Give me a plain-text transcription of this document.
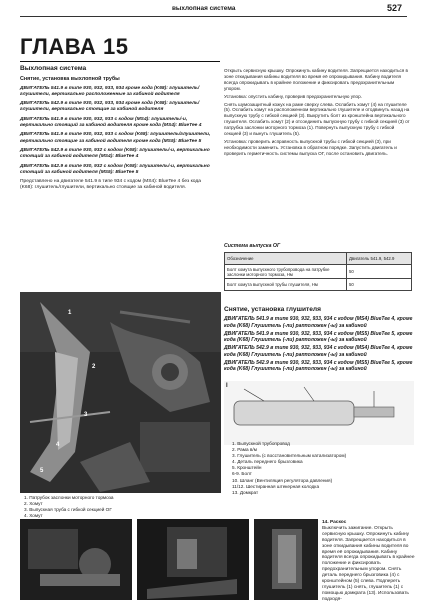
выхлопная система	527
ГЛАВА 15
Выхлопная система
Снятие, установка выхлопной трубы
ДВИГАТЕЛЬ 541.9 в типе 930, 932, 933, 934 кроме кода (K68): глушитель/глушители, вертикально расположенные за кабиной водителя
ДВИГАТЕЛЬ 542.9 в типе 930, 932, 933, 934 кроме кода (K68): глушитель/глушители, вертикально стоящие за кабиной водителя
ДВИГАТЕЛЬ 541.9 в типе 930, 932, 933 с кодом (MS4): глушитель/-и, вертикально стоящий за кабиной водителя кроме кода (MS4): BlueTee 4
ДВИГАТЕЛЬ 541.9 в типе 930, 932, 933 с кодом (K68): глушитель/глушители, вертикально стоящие за кабиной водителя кроме кода (MS5): BlueTee 5
ДВИГАТЕЛЬ 542.9 в типе 930, 932 с кодом (K68): глушитель/-и, вертикально стоящий за кабиной водителя (MS4): BlueTee 4
ДВИГАТЕЛЬ 542.9 в типе 930, 932 с кодом (K68): глушитель/-и, вертикально стоящий за кабиной водителя (MS5): BlueTee 5
Представлено на двигателе 541.9 в типе 934 с кодом (MS4): BlueTee 4 без кода (K68): глушитель/глушители, вертикально стоящие за кабиной водителя.

Открыть сервисную крышку. Опрокинуть кабину водителя. Запрещается находиться в зоне откидывания кабины водителя во время её опрокидывания. Кабину водителя всегда опрокидывать в крайнее положение и фиксировать предохранительным упором.

Установка: опустить кабину, проверив предохранительную упор.

Снять шумозащитный кожух на раме сверху слева. Ослабить хомут (4) на глушителе (5). Ослабить хомут на расположенном вертикально глушителе и отодвинуть назад на выпускную трубу с гибкой секцией (3). Выкрутить болт из кронштейна вертикального глушителя. Ослабить хомут (2) и отсоединить выпускную трубу с гибкой секцией (3) от патрубка заслонки моторного тормоза (1). Повернуть выпускную трубу с гибкой секцией (3) и вынуть глушитель (5).

Установка: проверить исправность выпускной трубы с гибкой секцией (3), при необходимости заменить. Установка в обратном порядке. Запустить двигатель и проверить герметичность системы выпуска ОГ, после остановить двигатель.

Система выпуска ОГ
Обозначение	Двигатель 541.9, 542.9
Болт хомута выпускного трубопровода на патрубке заслонки моторного тормоза, Нм	50
Болт хомута выпускной трубы глушителя, Нм	50
Снятие, установка глушителя
ДВИГАТЕЛЬ 541.9 в типе 930, 932, 933, 934 с кодом (MS4) BlueTee 4, кроме кода (K68) Глушитель (-ли) рапположен (-ы) за кабиной
ДВИГАТЕЛЬ 541.9 в типе 930, 932, 933, 934 с кодом (MS5) BlueTee 5, кроме кода (K68) Глушитель (-ли) рапположен (-ы) за кабиной
ДВИГАТЕЛЬ 542.9 в типе 930, 932, 933, 934 с кодом (MS4) BlueTee 4, кроме кода (K68) Глушитель (-ли) рапположен (-ы) за кабиной
ДВИГАТЕЛЬ 542.9 в типе 930, 932, 933, 934 с кодом (MS5) BlueTee 5, кроме кода (K68) Глушитель (-ли) рапположен (-ы) за кабиной
1
2
3
4
5
1. Патрубок заслонки моторного тормоза
2. Хомут
3. Выпускная труба с гибкой секцией ОГ
4. Хомут
I
1. Выпускной трубопровод
2. Рама в/м
3. Глушитель (с восстановительным катализатором)
4. Деталь переднего брызговика
5. Кронштейн
6-9. Болт
10. Шланг (Вентиляция регулятора давления)
11/12. Шестиранная штекерная колодка
13. Домкрат
14. Раскос
Выключить зажигание. Открыть сервисную крышку. Опрокинуть кабину водителя. Запрещается находиться в зоне откидывания кабины водителя во время её опрокидывания. Кабину водителя всегда опрокидывать в крайнее положение и фиксировать предохранительным упором. Снять деталь переднего брызговика (4) с кронштейном (5) слева. Подпереть глушитель (1) снять, глушитель (1) с помощью домкрата (13). Использовать подходя-
